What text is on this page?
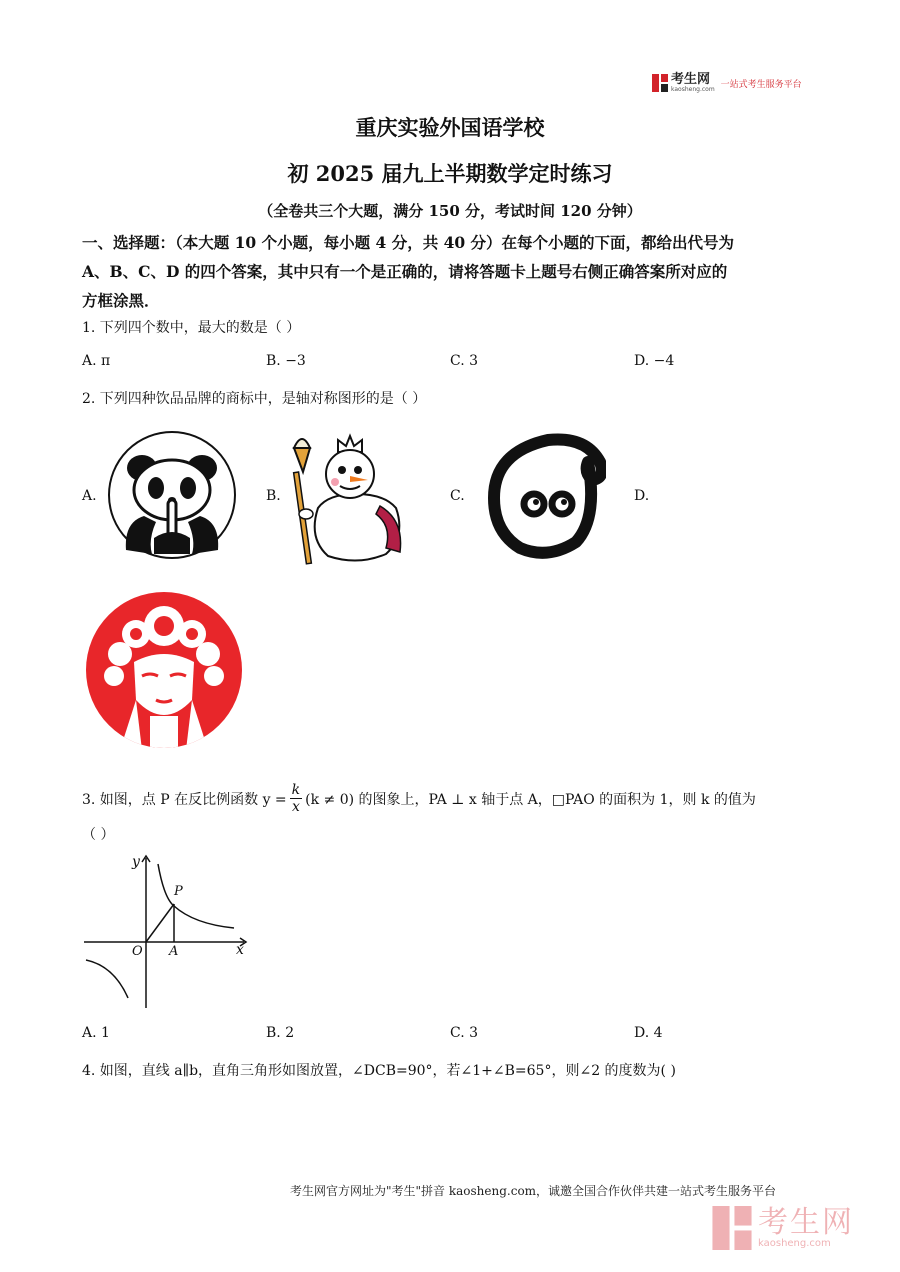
考生网
kaosheng.com 一站式考生服务平台
重庆实验外国语学校
初 2025 届九上半期数学定时练习
（全卷共三个大题，满分 150 分，考试时间 120 分钟）
一、选择题：（本大题 10 个小题，每小题 4 分，共 40 分）在每个小题的下面，都给出代号为
A、B、C、D 的四个答案，其中只有一个是正确的，请将答题卡上题号右侧正确答案所对应的
方框涂黑．
1. 下列四个数中，最大的数是（ ）
A. π	B. −3	C. 3	D. −4
2. 下列四种饮品品牌的商标中，是轴对称图形的是（ ）
A.	B.	C.	D.
3. 如图，点 P 在反比例函数 $y = \frac{k}{x} (k \ne 0)$ 的图象上，PA ⊥ x 轴于点 A，□PAO 的面积为 1，则 k 的值为
（ ）
y
x
O A
P
A. 1	B. 2	C. 3	D. 4
4. 如图，直线 a∥b，直角三角形如图放置，∠DCB=90°，若∠1+∠B=65°，则∠2 的度数为( )
考生网官方网址为"考生"拼音 kaosheng.com，诚邀全国合作伙伴共建一站式考生服务平台
考生网
kaosheng.com
